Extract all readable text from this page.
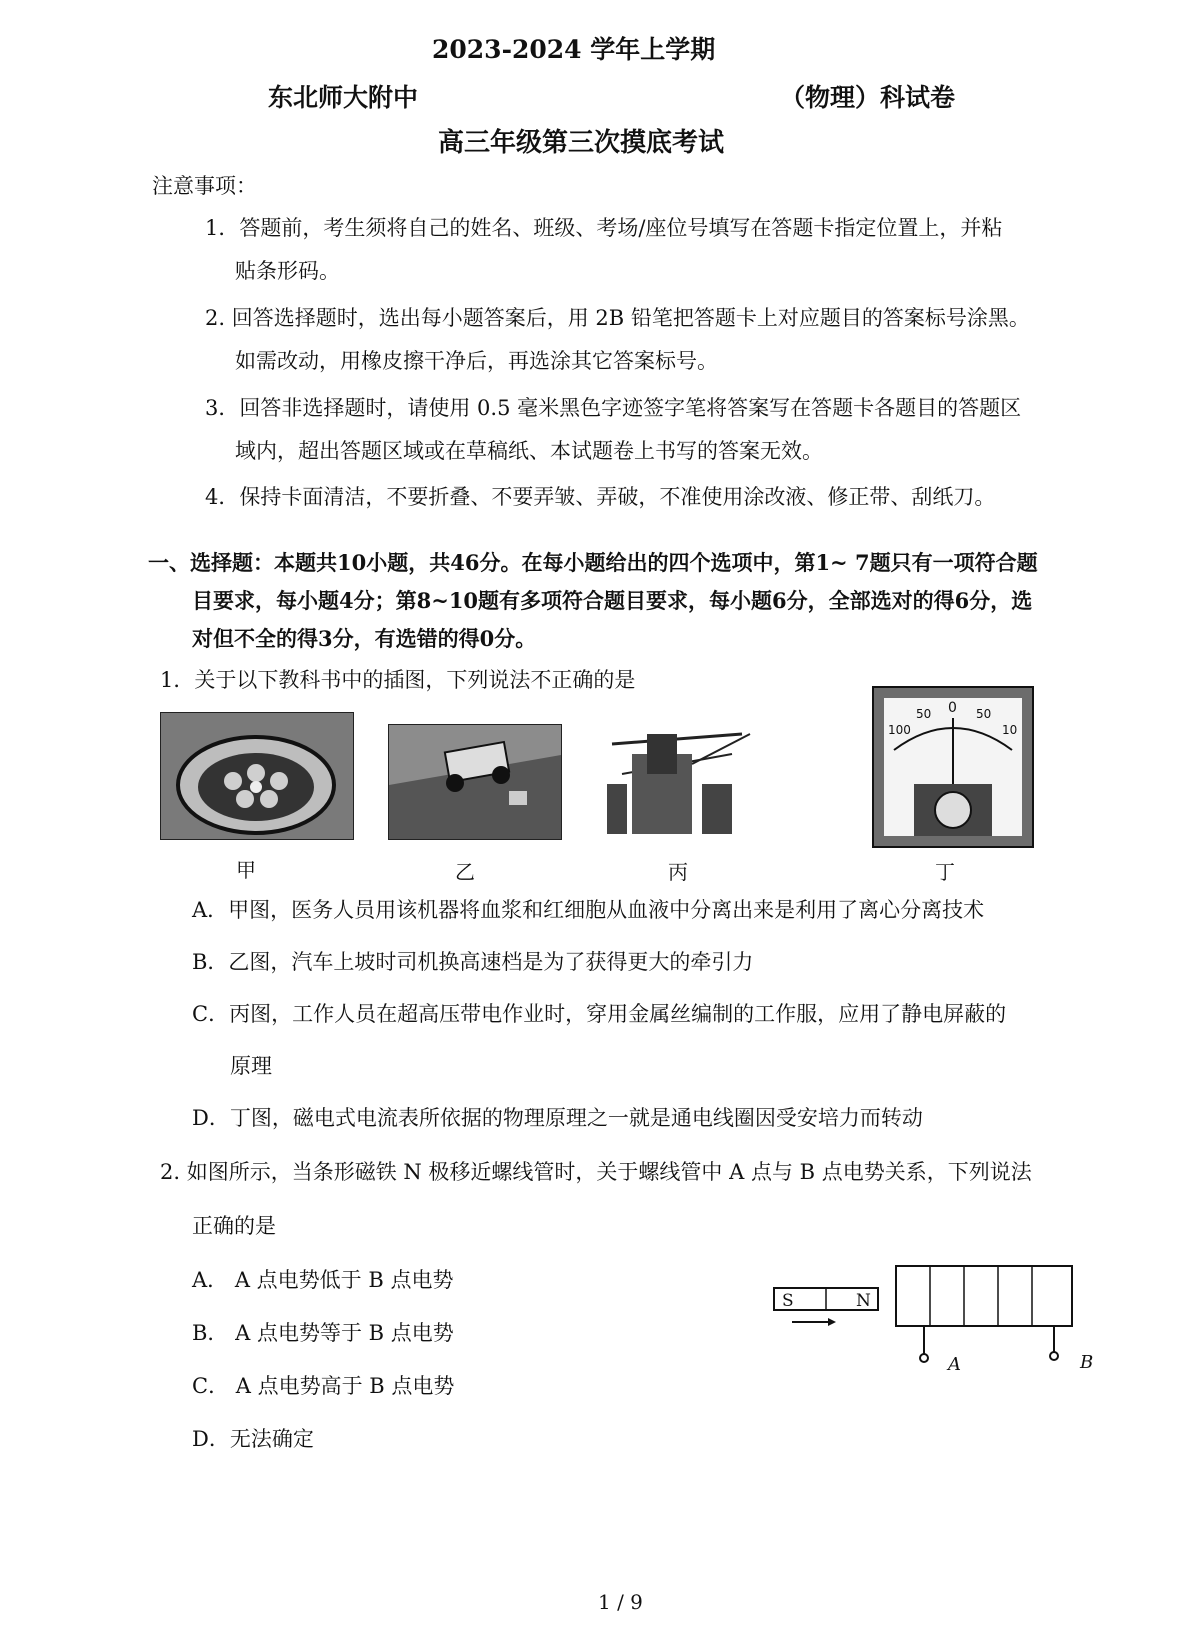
2023-2024 学年上学期
东北师大附中	（物理）科试卷
高三年级第三次摸底考试
注意事项：
1．答题前，考生须将自己的姓名、班级、考场/座位号填写在答题卡指定位置上，并粘
贴条形码。
2. 回答选择题时，选出每小题答案后，用 2B 铅笔把答题卡上对应题目的答案标号涂黑。
如需改动，用橡皮擦干净后，再选涂其它答案标号。
3．回答非选择题时，请使用 0.5 毫米黑色字迹签字笔将答案写在答题卡各题目的答题区
域内，超出答题区域或在草稿纸、本试题卷上书写的答案无效。
4．保持卡面清洁，不要折叠、不要弄皱、弄破，不准使用涂改液、修正带、刮纸刀。
一、选择题：本题共10小题，共46分。在每小题给出的四个选项中，第1~ 7题只有一项符合题
目要求，每小题4分；第8~10题有多项符合题目要求，每小题6分，全部选对的得6分，选
对但不全的得3分，有选错的得0分。
1．关于以下教科书中的插图，下列说法不正确的是
甲	乙	丙
100
50 0 50
10
丁
A．甲图，医务人员用该机器将血浆和红细胞从血液中分离出来是利用了离心分离技术
B．乙图，汽车上坡时司机换高速档是为了获得更大的牵引力
C．丙图，工作人员在超高压带电作业时，穿用金属丝编制的工作服，应用了静电屏蔽的
原理
D．丁图，磁电式电流表所依据的物理原理之一就是通电线圈因受安培力而转动
2. 如图所示，当条形磁铁 N 极移近螺线管时，关于螺线管中 A 点与 B 点电势关系，下列说法
正确的是
A． A 点电势低于 B 点电势
B． A 点电势等于 B 点电势
C． A 点电势高于 B 点电势
D．无法确定
S	N
A	B
1 / 9
